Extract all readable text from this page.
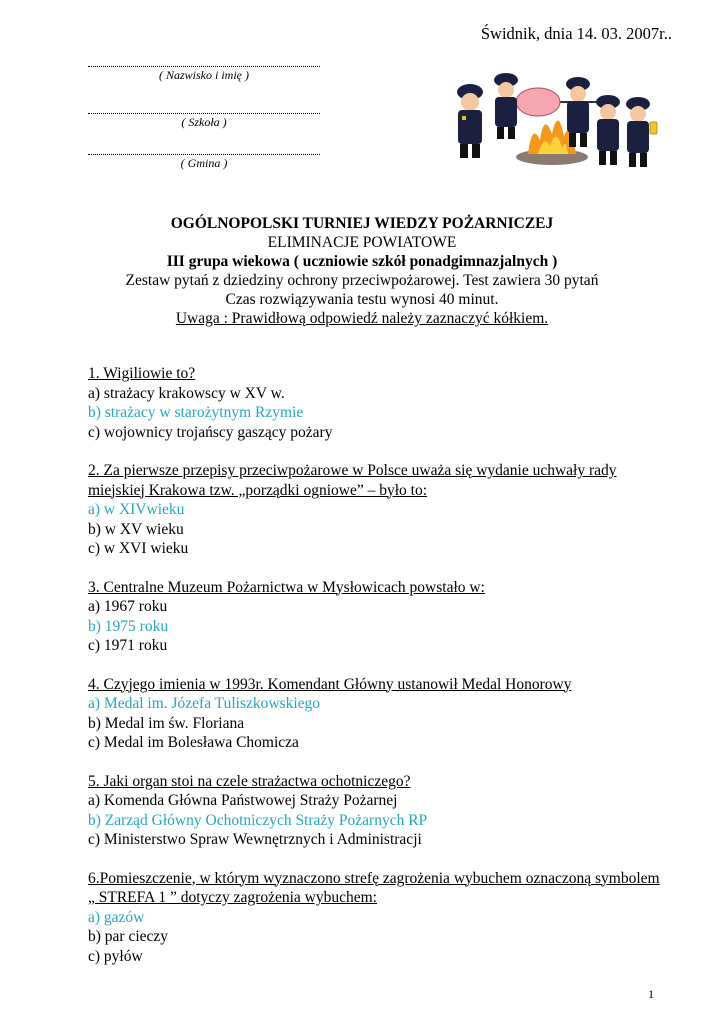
Świdnik, dnia 14. 03. 2007r..
( Nazwisko i imię )
( Szkoła )
( Gmina )
OGÓLNOPOLSKI TURNIEJ WIEDZY POŻARNICZEJ
ELIMINACJE POWIATOWE
III grupa wiekowa ( uczniowie szkół ponadgimnazjalnych )
Zestaw pytań z dziedziny ochrony przeciwpożarowej. Test zawiera 30 pytań
Czas rozwiązywania testu wynosi 40 minut.
Uwaga : Prawidłową odpowiedź należy zaznaczyć kółkiem.
1. Wigiliowie to?
a) strażacy krakowscy w XV w.
b) strażacy w starożytnym Rzymie
c) wojownicy trojańscy gaszący pożary
2. Za pierwsze przepisy przeciwpożarowe w Polsce uważa się wydanie uchwały rady miejskiej Krakowa tzw. „porządki ogniowe” – było to:
a) w XIVwieku
b) w XV wieku
c) w XVI wieku
3. Centralne Muzeum Pożarnictwa w Mysłowicach powstało w:
a) 1967 roku
b) 1975 roku
c) 1971 roku
4. Czyjego imienia w 1993r. Komendant Główny ustanowił Medal Honorowy
a) Medal im. Józefa Tuliszkowskiego
b) Medal im św. Floriana
c) Medal im Bolesława Chomicza
5. Jaki organ stoi na czele strażactwa ochotniczego?
a) Komenda Główna Państwowej Straży Pożarnej
b) Zarząd Główny Ochotniczych Straży Pożarnych RP
c) Ministerstwo Spraw Wewnętrznych i Administracji
6.Pomieszczenie, w którym wyznaczono strefę zagrożenia wybuchem oznaczoną symbolem „ STREFA 1 ” dotyczy zagrożenia wybuchem:
a) gazów
b) par cieczy
c) pyłów
1
